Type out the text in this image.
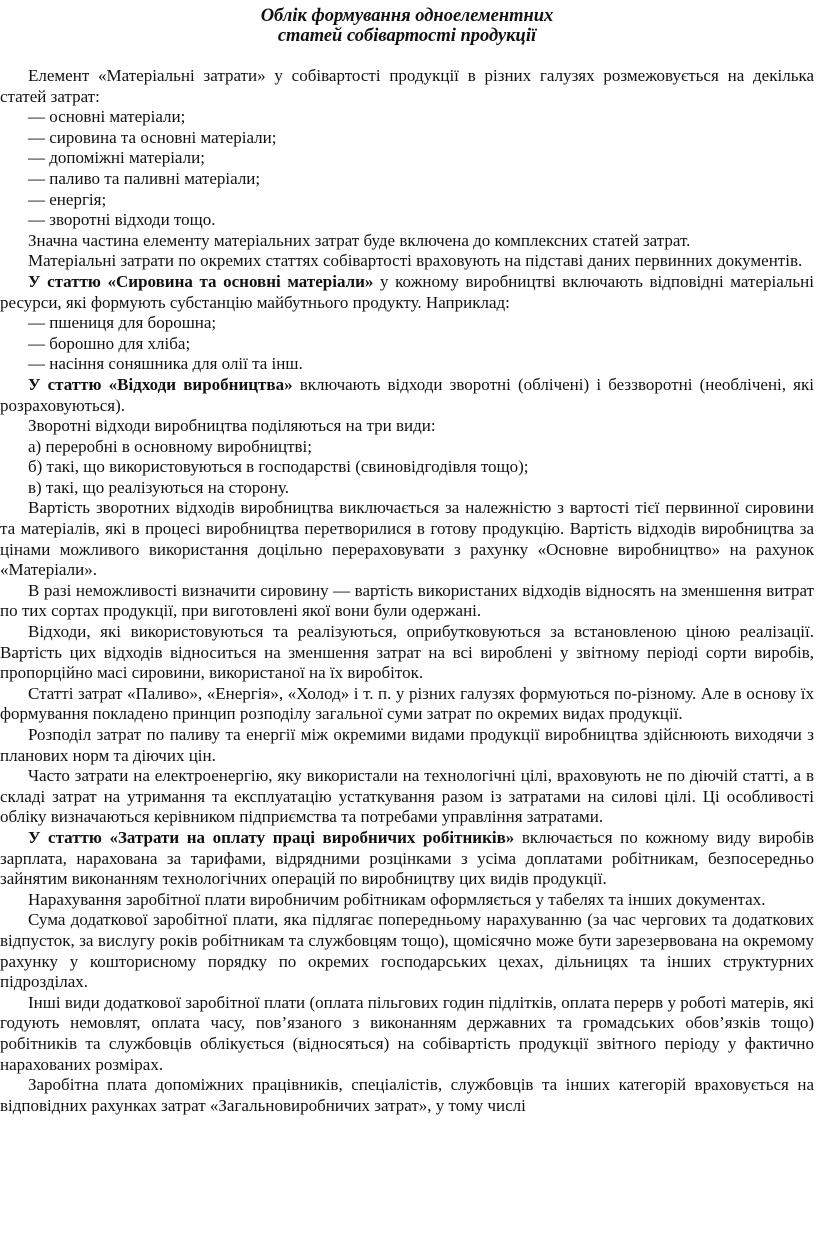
Облік формування одноелементних
статей собівартості продукції

Елемент «Матеріальні затрати» у собівартості продукції в різних галузях розмежовується на декілька статей затрат:

— основні матеріали;

— сировина та основні матеріали;

— допоміжні матеріали;

— паливо та паливні матеріали;

— енергія;

— зворотні відходи тощо.

Значна частина елементу матеріальних затрат буде включена до комплексних статей затрат.

Матеріальні затрати по окремих статтях собівартості враховують на підставі даних первинних документів.

У статтю «Сировина та основні матеріали» у кожному виробництві включають відповідні матеріальні ресурси, які формують субстанцію майбутнього продукту. Наприклад:

— пшениця для борошна;

— борошно для хліба;

— насіння соняшника для олії та інш.

У статтю «Відходи виробництва» включають відходи зворотні (облічені) і беззворотні (необлічені, які розраховуються).

Зворотні відходи виробництва поділяються на три види:

а) переробні в основному виробництві;

б) такі, що використовуються в господарстві (свиновідгодівля тощо);

в) такі, що реалізуються на сторону.

Вартість зворотних відходів виробництва виключається за належністю з вартості тієї первинної сировини та матеріалів, які в процесі виробництва перетворилися в готову продукцію. Вартість відходів виробництва за цінами можливого використання доцільно перераховувати з рахунку «Основне виробництво» на рахунок «Матеріали».

В разі неможливості визначити сировину — вартість використаних відходів відносять на зменшення витрат по тих сортах продукції, при виготовлені якої вони були одержані.

Відходи, які використовуються та реалізуються, оприбутковуються за встановленою ціною реалізації. Вартість цих відходів відноситься на зменшення затрат на всі вироблені у звітному періоді сорти виробів, пропорційно масі сировини, використаної на їх виробіток.

Статті затрат «Паливо», «Енергія», «Холод» і т. п. у різних галузях формуються по-різному. Але в основу їх формування покладено принцип розподілу загальної суми затрат по окремих видах продукції.

Розподіл затрат по паливу та енергії між окремими видами продукції виробництва здійснюють виходячи з планових норм та діючих цін.

Часто затрати на електроенергію, яку використали на технологічні цілі, враховують не по діючій статті, а в складі затрат на утримання та експлуатацію устаткування разом із затратами на силові цілі. Ці особливості обліку визначаються керівником підприємства та потребами управління затратами.

У статтю «Затрати на оплату праці виробничих робітників» включається по кожному виду виробів зарплата, нарахована за тарифами, відрядними розцінками з усіма доплатами робітникам, безпосередньо зайнятим виконанням технологічних операцій по виробництву цих видів продукції.

Нарахування заробітної плати виробничим робітникам оформляється у табелях та інших документах.

Сума додаткової заробітної плати, яка підлягає попередньому нарахуванню (за час чергових та додаткових відпусток, за вислугу років робітникам та службовцям тощо), щомісячно може бути зарезервована на окремому рахунку у кошторисному порядку по окремих господарських цехах, дільницях та інших структурних підрозділах.

Інші види додаткової заробітної плати (оплата пільгових годин підлітків, оплата перерв у роботі матерів, які годують немовлят, оплата часу, пов’язаного з виконанням державних та громадських обов’язків тощо) робітників та службовців облікується (відносяться) на собівартість продукції звітного періоду у фактично нарахованих розмірах.

Заробітна плата допоміжних працівників, спеціалістів, службовців та інших категорій враховується на відповідних рахунках затрат «Загальновиробничих затрат», у тому числі
